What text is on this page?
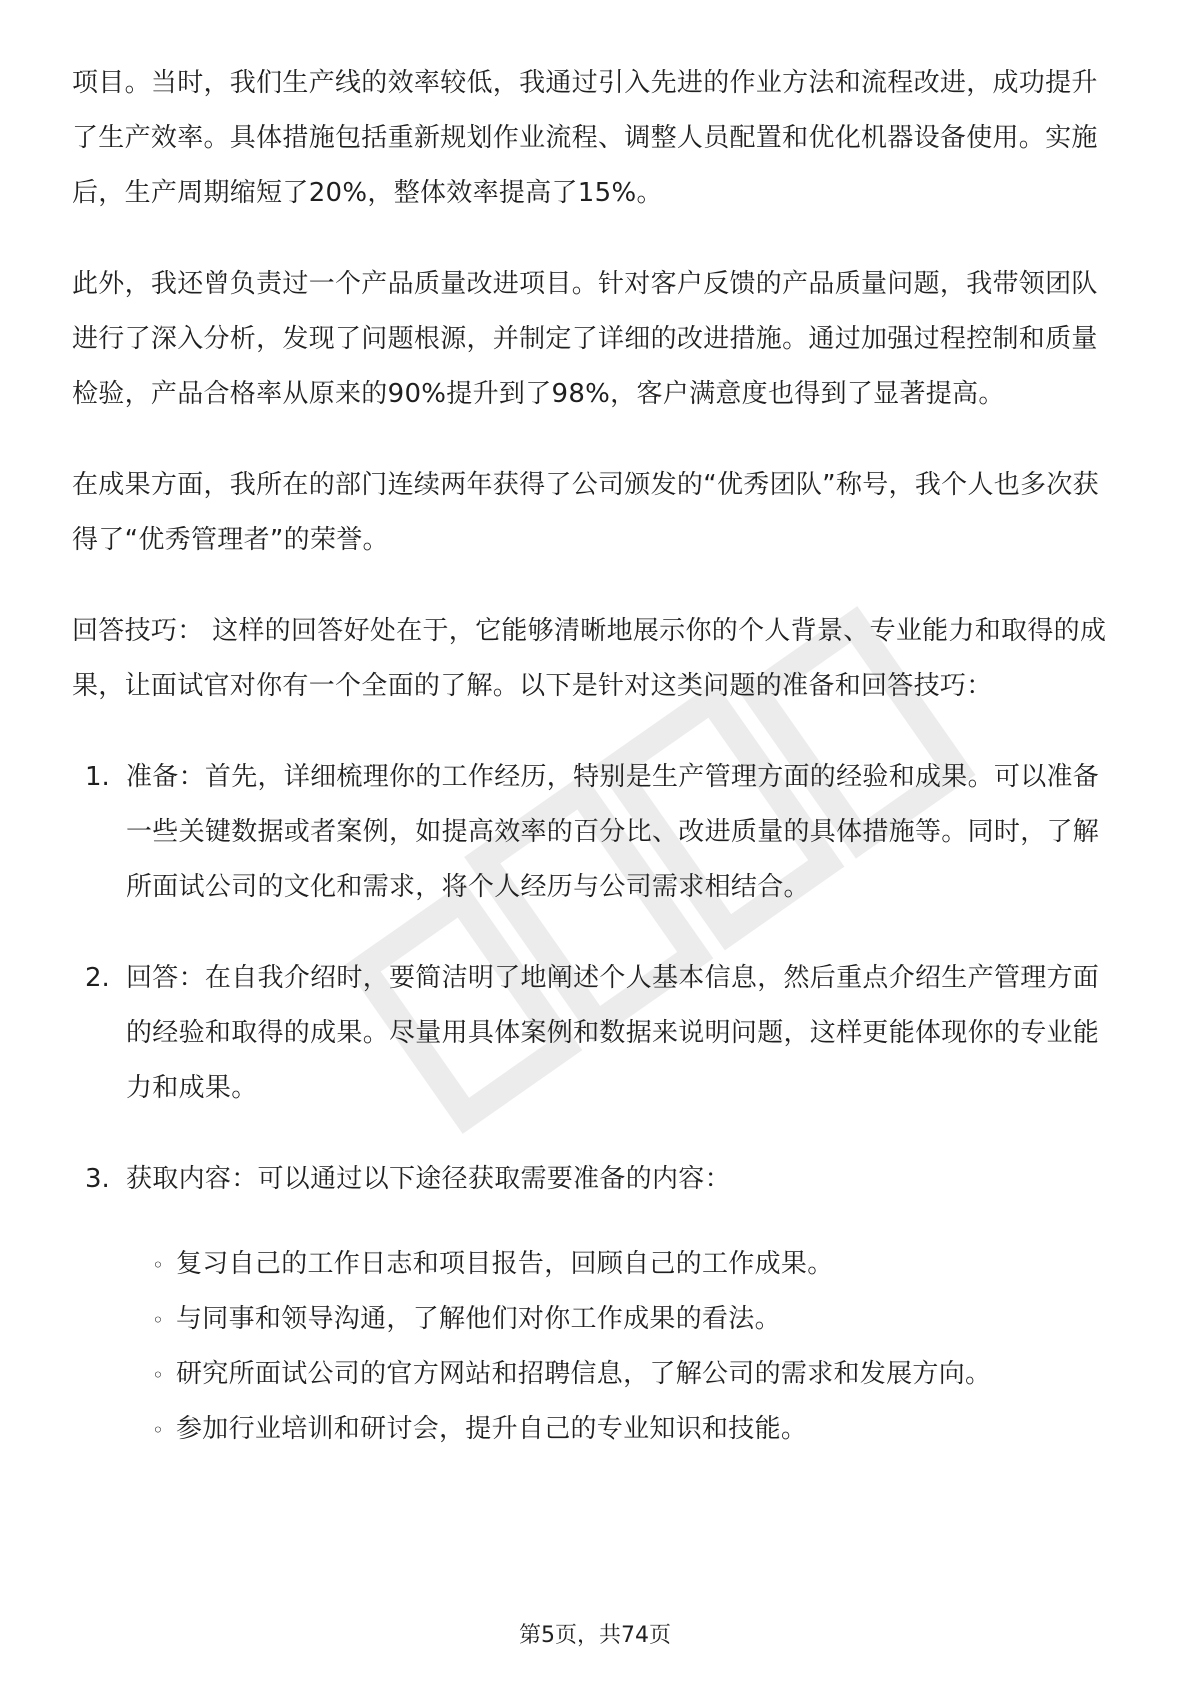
项目。当时，我们生产线的效率较低，我通过引入先进的作业方法和流程改进，成功提升了生产效率。具体措施包括重新规划作业流程、调整人员配置和优化机器设备使用。实施后，生产周期缩短了20%，整体效率提高了15%。

此外，我还曾负责过一个产品质量改进项目。针对客户反馈的产品质量问题，我带领团队进行了深入分析，发现了问题根源，并制定了详细的改进措施。通过加强过程控制和质量检验，产品合格率从原来的90%提升到了98%，客户满意度也得到了显著提高。

在成果方面，我所在的部门连续两年获得了公司颁发的“优秀团队”称号，我个人也多次获得了“优秀管理者”的荣誉。

回答技巧： 这样的回答好处在于，它能够清晰地展示你的个人背景、专业能力和取得的成果，让面试官对你有一个全面的了解。以下是针对这类问题的准备和回答技巧：

1. 准备：首先，详细梳理你的工作经历，特别是生产管理方面的经验和成果。可以准备一些关键数据或者案例，如提高效率的百分比、改进质量的具体措施等。同时，了解所面试公司的文化和需求，将个人经历与公司需求相结合。

2. 回答：在自我介绍时，要简洁明了地阐述个人基本信息，然后重点介绍生产管理方面的经验和取得的成果。尽量用具体案例和数据来说明问题，这样更能体现你的专业能力和成果。

3. 获取内容：可以通过以下途径获取需要准备的内容：

◦ 复习自己的工作日志和项目报告，回顾自己的工作成果。
◦ 与同事和领导沟通，了解他们对你工作成果的看法。
◦ 研究所面试公司的官方网站和招聘信息，了解公司的需求和发展方向。
◦ 参加行业培训和研讨会，提升自己的专业知识和技能。
第5页，共74页
